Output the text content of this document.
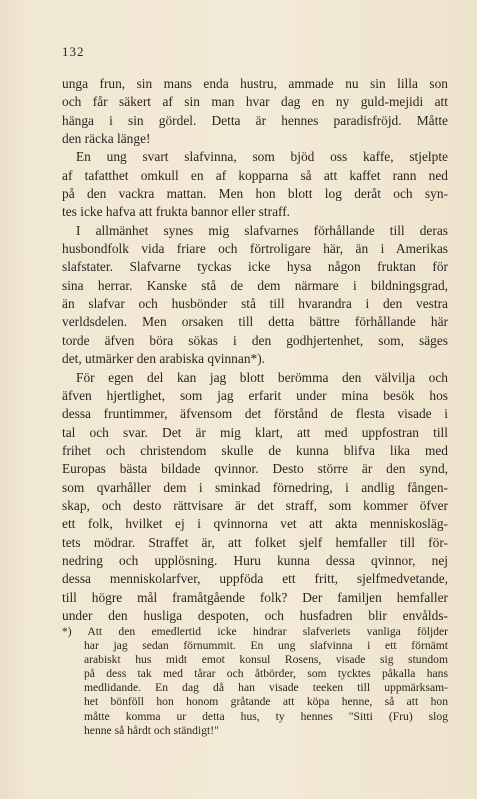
132
unga frun, sin mans enda hustru, ammade nu sin lilla son
och får säkert af sin man hvar dag en ny guld-mejidi att
hänga i sin gördel. Detta är hennes paradisfröjd. Måtte
den räcka länge!
En ung svart slafvinna, som bjöd oss kaffe, stjelpte
af tafatthet omkull en af kopparna så att kaffet rann ned
på den vackra mattan. Men hon blott log deråt och syn-
tes icke hafva att frukta bannor eller straff.
I allmänhet synes mig slafvarnes förhållande till deras
husbondfolk vida friare och förtroligare här, än i Amerikas
slafstater. Slafvarne tyckas icke hysa någon fruktan för
sina herrar. Kanske stå de dem närmare i bildningsgrad,
än slafvar och husbönder stå till hvarandra i den vestra
verldsdelen. Men orsaken till detta bättre förhållande här
torde äfven böra sökas i den godhjertenhet, som, säges
det, utmärker den arabiska qvinnan*).
För egen del kan jag blott berömma den välvilja och
äfven hjertlighet, som jag erfarit under mina besök hos
dessa fruntimmer, äfvensom det förstånd de flesta visade i
tal och svar. Det är mig klart, att med uppfostran till
frihet och christendom skulle de kunna blifva lika med
Europas bästa bildade qvinnor. Desto större är den synd,
som qvarhåller dem i sminkad förnedring, i andlig fången-
skap, och desto rättvisare är det straff, som kommer öfver
ett folk, hvilket ej i qvinnorna vet att akta menniskosläg-
tets mödrar. Straffet är, att folket sjelf hemfaller till för-
nedring och upplösning. Huru kunna dessa qvinnor, nej
dessa menniskolarfver, uppföda ett fritt, sjelfmedvetande,
till högre mål framåtgående folk? Der familjen hemfaller
under den husliga despoten, och husfadren blir envålds-
*) Att den emedlertid icke hindrar slafveriets vanliga följder
har jag sedan förnummit. En ung slafvinna i ett förnämt
arabiskt hus midt emot konsul Rosens, visade sig stundom
på dess tak med tårar och åtbörder, som tycktes påkalla hans
medlidande. En dag då han visade teeken till uppmärksam-
het bönföll hon honom gråtande att köpa henne, så att hon
måtte komma ur detta hus, ty hennes "Sitti (Fru) slog
henne så hårdt och ständigt!"
